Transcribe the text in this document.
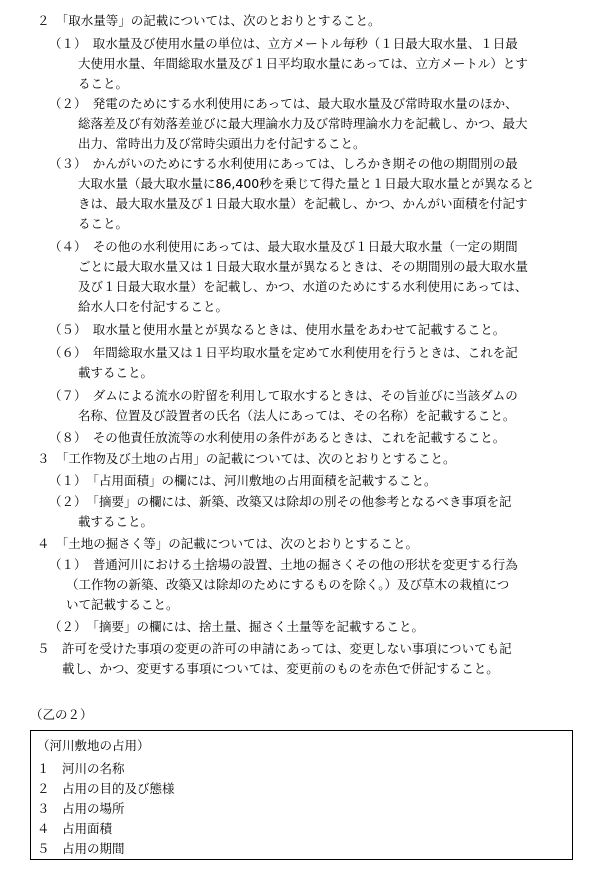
２　「取水量等」の記載については、次のとおりとすること。
（１）　取水量及び使用水量の単位は、立方メートル毎秒（１日最大取水量、１日最
大使用水量、年間総取水量及び１日平均取水量にあっては、立方メートル）とす
ること。
（２）　発電のためにする水利使用にあっては、最大取水量及び常時取水量のほか、
総落差及び有効落差並びに最大理論水力及び常時理論水力を記載し、かつ、最大
出力、常時出力及び常時尖頭出力を付記すること。
（３）　かんがいのためにする水利使用にあっては、しろかき期その他の期間別の最
大取水量（最大取水量に86,400秒を乗じて得た量と１日最大取水量とが異なると
きは、最大取水量及び１日最大取水量）を記載し、かつ、かんがい面積を付記す
ること。
（４）　その他の水利使用にあっては、最大取水量及び１日最大取水量（一定の期間
ごとに最大取水量又は１日最大取水量が異なるときは、その期間別の最大取水量
及び１日最大取水量）を記載し、かつ、水道のためにする水利使用にあっては、
給水人口を付記すること。
（５）　取水量と使用水量とが異なるときは、使用水量をあわせて記載すること。
（６）　年間総取水量又は１日平均取水量を定めて水利使用を行うときは、これを記
載すること。
（７）　ダムによる流水の貯留を利用して取水するときは、その旨並びに当該ダムの
名称、位置及び設置者の氏名（法人にあっては、その名称）を記載すること。
（８）　その他責任放流等の水利使用の条件があるときは、これを記載すること。
３　「工作物及び土地の占用」の記載については、次のとおりとすること。
（１）　「占用面積」の欄には、河川敷地の占用面積を記載すること。
（２）　「摘要」の欄には、新築、改築又は除却の別その他参考となるべき事項を記
載すること。
４　「土地の掘さく等」の記載については、次のとおりとすること。
（１）　普通河川における土捨場の設置、土地の掘さくその他の形状を変更する行為
（工作物の新築、改築又は除却のためにするものを除く。）及び草木の栽植につ
いて記載すること。
（２）　「摘要」の欄には、捨土量、掘さく土量等を記載すること。
５　許可を受けた事項の変更の許可の申請にあっては、変更しない事項についても記
載し、かつ、変更する事項については、変更前のものを赤色で併記すること。
（乙の２）
（河川敷地の占用）
１　河川の名称
２　占用の目的及び態様
３　占用の場所
４　占用面積
５　占用の期間
